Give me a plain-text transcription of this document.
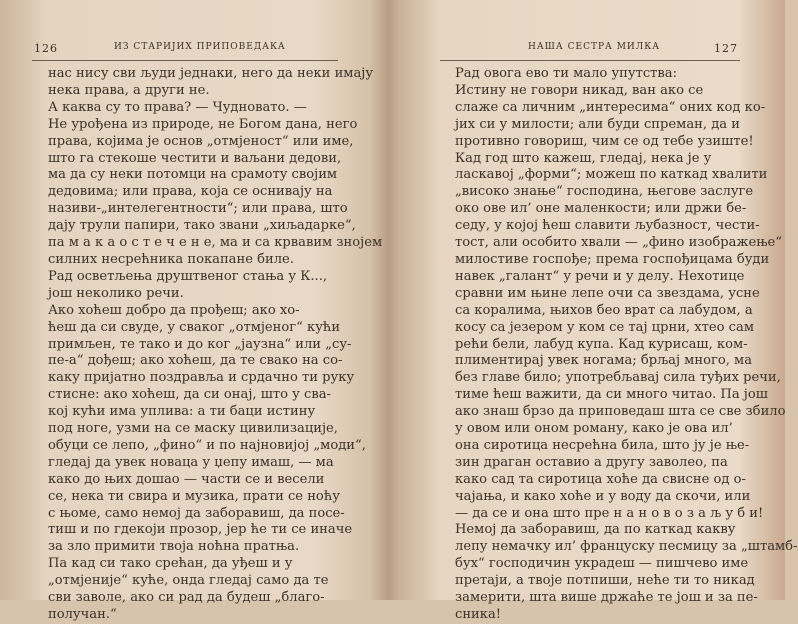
126	ИЗ СТАРИЈИХ ПРИПОВЕДАКА
нас нису сви људи једнаки, него да неки имају
нека права, а други не.
А каква су то права? — Чудновато. —
Не урођена из природе, не Богом дана, него
права, којима је основ „отмјеност“ или име,
што га стекоше честити и ваљани дедови,
ма да су неки потомци на срамоту својим
дедовима; или права, која се оснивају на
називи-„интелегентности“; или права, што
дају трули папири, тако звани „хиљадарке“,
па м а к а о с т е ч е н е, ма и са крвавим знојем
силних несрећника покапане биле.
Рад осветљења друштвеног стања у К...,
још неколико речи.
Ако хоћеш добро да прођеш; ако хо-
ћеш да си свуде, у сваког „отмјеног“ кући
примљен, те тако и до ког „јаузна“ или „су-
пе-а“ дођеш; ако хоћеш, да те свако на со-
каку пријатно поздравља и срдачно ти руку
стисне: ако хоћеш, да си онај, што у сва-
кој кући има уплива: а ти баци истину
под ноге, узми на се маску цивилизације,
обуци се лепо, „фино“ и по најновијој „моди“,
гледај да увек новаца у џепу имаш, — ма
како до њих дошао — части се и весели
се, нека ти свира и музика, прати се ноћу
с њоме, само немој да заборавиш, да посе-
тиш и по гдекоји прозор, јер ће ти се иначе
за зло примити твоја ноћна пратња.
Па кад си тако срећан, да уђеш и у
„отмјеније“ куће, онда гледај само да те
сви заволе, ако си рад да будеш „благо-
получан.“
НАША СЕСТРА МИЛКА	127
Рад овога ево ти мало упутства:
Истину не говори никад, ван ако се
слаже са личним „интересима“ оних код ко-
јих си у милости; али буди спреман, да и
противно говориш, чим се од тебе узиште!
Кад год што кажеш, гледај, нека је у
ласкавој „форми“; можеш по каткад хвалити
„високо знање“ господина, његове заслуге
око ове ил’ оне маленкости; или држи бе-
седу, у којој ћеш славити љубазност, чести-
тост, али особито хвали — „фино изображење“
милостиве госпође; према госпођицама буди
навек „галант“ у речи и у делу. Нехотице
сравни им њине лепе очи са звездама, усне
са коралима, њихов беo врат са лабудом, а
косу са језером у ком се тај црни, хтео сам
рећи бели, лабуд купа. Кад курисаш, ком-
плиментирај увек ногама; брљај много, ма
без главе било; употребљавај сила туђих речи,
тиме ћеш важити, да си много читао. Па још
ако знаш брзо да приповедаш шта се све збило
у овом или оном роману, како је ова ил’
она сиротица несрећна била, што ју је ње-
зин драган оставио а другу заволео, па
како сад та сиротица хоће да свисне од о-
чајања, и како хоће и у воду да скочи, или
— да се и она што пре н а н о в о з а љ у б и!
Немој да заборавиш, да по каткад какву
лепу немачку ил’ француску песмицу за „штамб-
бух“ господичин украдеш — пишчево име
претаји, а твоје потпиши, неће ти то никад
замерити, шта више држаће те још и за пе-
сника!
